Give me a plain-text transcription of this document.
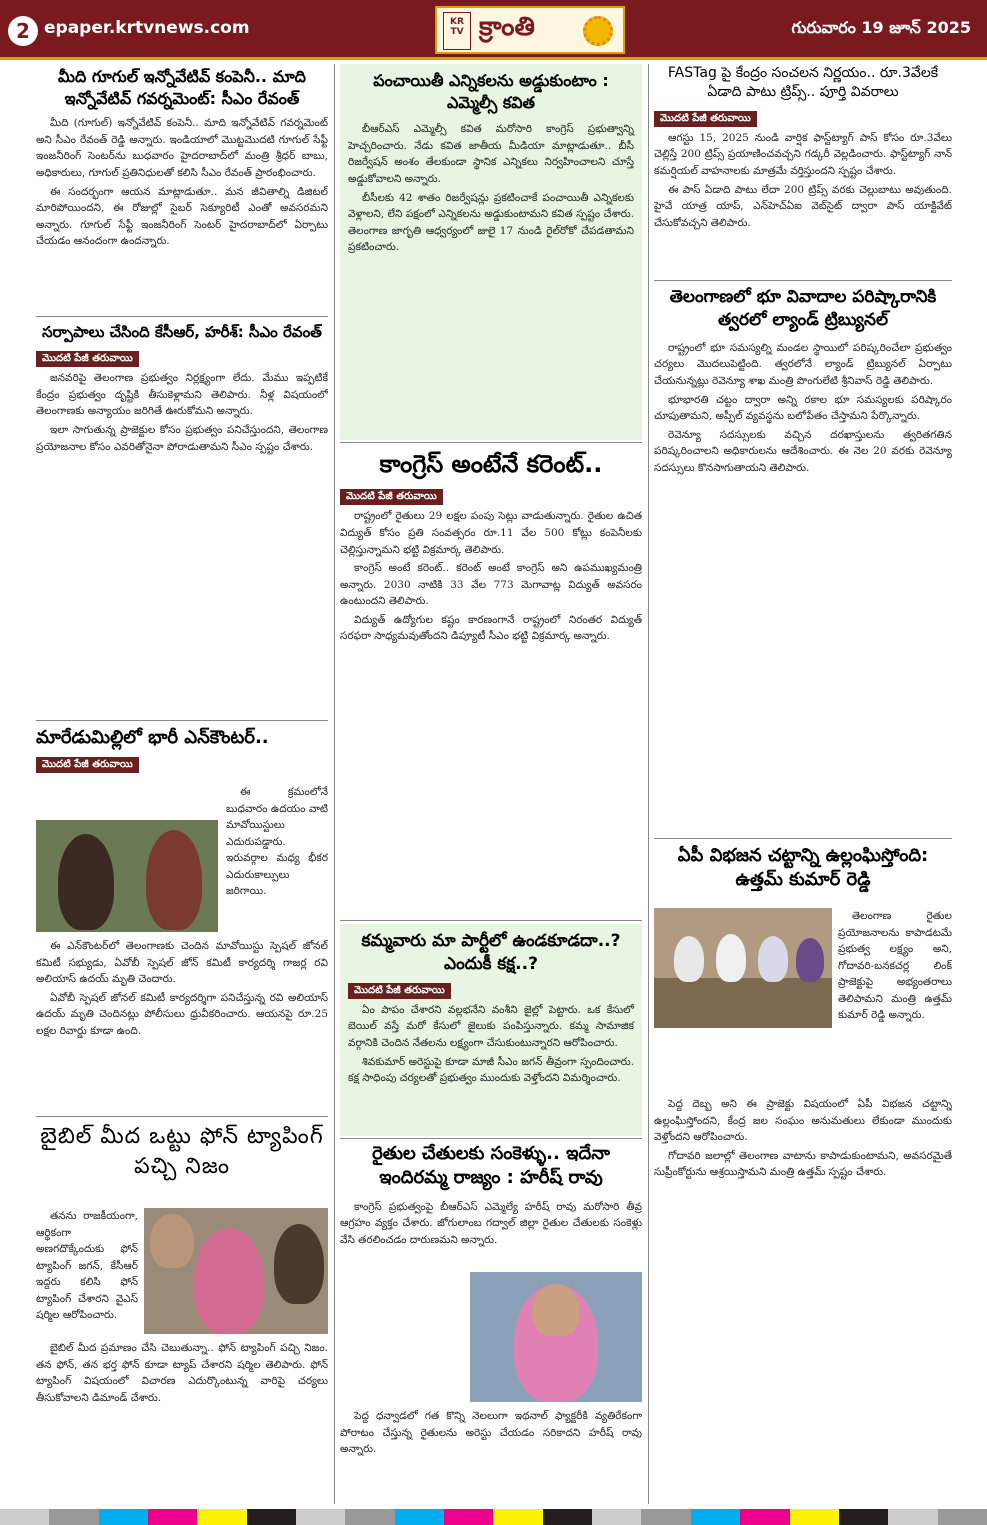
2 epaper.krtvnews.com	KR TV క్రాంతి	గురువారం 19 జూన్ 2025
మీది గూగుల్ ఇన్నోవేటివ్ కంపెనీ.. మాది ఇన్నోవేటివ్ గవర్నమెంట్: సీఎం రేవంత్

మీది (గూగుల్) ఇన్నోవేటివ్ కంపెనీ.. మాది ఇన్నోవేటివ్ గవర్నమెంట్ అని సీఎం రేవంత్ రెడ్డి అన్నారు. ఇండియాలో మొట్టమొదటి గూగుల్ సేఫ్టీ ఇంజనీరింగ్ సెంటర్‌ను బుధవారం హైదరాబాద్‌లో మంత్రి శ్రీధర్ బాబు, అధికారులు, గూగుల్ ప్రతినిధులతో కలిసి సీఎం రేవంత్ ప్రారంభించారు.

ఈ సందర్భంగా ఆయన మాట్లాడుతూ.. మన జీవితాల్ని డిజిటల్ మారిపోయిందని, ఈ రోజుల్లో సైబర్ సెక్యూరిటీ ఎంతో అవసరమని అన్నారు. గూగుల్ సేఫ్టీ ఇంజనీరింగ్ సెంటర్ హైదరాబాద్‌లో ఏర్పాటు చేయడం ఆనందంగా ఉందన్నారు.

సర్పాపాలు చేసింది కేసీఆర్, హరీశ్: సీఎం రేవంత్
మొదటి పేజీ తరువాయి

జనవరిపై తెలంగాణ ప్రభుత్వం నిర్లక్ష్యంగా లేదు. మేము ఇప్పటికే కేంద్రం ప్రభుత్వం దృష్టికి తీసుకెళ్లామని తెలిపారు. నీళ్ల విషయంలో తెలంగాణకు అన్యాయం జరిగితే ఊరుకోమని అన్నారు.

ఇలా సాగుతున్న ప్రాజెక్టుల కోసం ప్రభుత్వం పనిచేస్తుందని, తెలంగాణ ప్రయోజనాల కోసం ఎవరితోనైనా పోరాడుతామని సీఎం స్పష్టం చేశారు.

మారేడుమిల్లిలో భారీ ఎన్‌కౌంటర్..
మొదటి పేజీ తరువాయి

ఈ క్రమంలోనే బుధవారం ఉదయం వాటి మావోయిస్టులు ఎదురుపడ్డారు. ఇరువర్గాల మధ్య భీకర ఎదురుకాల్పులు జరిగాయి.

ఈ ఎన్‌కౌంటర్‌లో తెలంగాణకు చెందిన మావోయిస్టు స్పెషల్ జోనల్ కమిటీ సభ్యుడు, ఏవోబీ స్పెషల్ జోన్ కమిటీ కార్యదర్శి గాజర్ల రవి అలియాస్ ఉదయ్ మృతి చెందారు.

ఏవోబీ స్పెషల్ జోనల్ కమిటీ కార్యదర్శిగా పనిచేస్తున్న రవి అలియాస్ ఉదయ్ మృతి చెందినట్లు పోలీసులు ధ్రువీకరించారు. ఆయనపై రూ.25 లక్షల రివార్డు కూడా ఉంది.

బైబిల్ మీద ఒట్టు ఫోన్ ట్యాపింగ్ పచ్చి నిజం

తనను రాజకీయంగా, ఆర్థికంగా అణగదొక్కేందుకు ఫోన్ ట్యాపింగ్ జగన్, కేసీఆర్ ఇద్దరు కలిసి ఫోన్ ట్యాపింగ్ చేశారని వైఎస్ షర్మిల ఆరోపించారు.

బైబిల్ మీద ప్రమాణం చేసి చెబుతున్నా.. ఫోన్ ట్యాపింగ్ పచ్చి నిజం. తన ఫోన్, తన భర్త ఫోన్ కూడా ట్యాప్ చేశారని షర్మిల తెలిపారు. ఫోన్ ట్యాపింగ్ విషయంలో విచారణ ఎదుర్కొంటున్న వారిపై చర్యలు తీసుకోవాలని డిమాండ్ చేశారు.

పంచాయితీ ఎన్నికలను అడ్డుకుంటాం : ఎమ్మెల్సీ కవిత

బీఆర్ఎస్ ఎమ్మెల్సీ కవిత మరోసారి కాంగ్రెస్ ప్రభుత్వాన్ని హెచ్చరించారు. నేడు కవిత జాతీయ మీడియా మాట్లాడుతూ.. బీసీ రిజర్వేషన్ అంశం తేలకుండా స్థానిక ఎన్నికలు నిర్వహించాలని చూస్తే అడ్డుకోవాలని అన్నారు.

బీసీలకు 42 శాతం రిజర్వేషన్లు ప్రకటించాకే పంచాయితీ ఎన్నికలకు వెళ్లాలని, లేని పక్షంలో ఎన్నికలను అడ్డుకుంటామని కవిత స్పష్టం చేశారు. తెలంగాణ జాగృతి ఆధ్వర్యంలో జులై 17 నుండి రైల్‌రోకో చేపడతామని ప్రకటించారు.

కాంగ్రెస్ అంటేనే కరెంట్..
మొదటి పేజీ తరువాయి

రాష్ట్రంలో రైతులు 29 లక్షల పంపు సెట్లు వాడుతున్నారు. రైతుల ఉచిత విద్యుత్ కోసం ప్రతి సంవత్సరం రూ.11 వేల 500 కోట్లు కంపెనీలకు చెల్లిస్తున్నామని భట్టి విక్రమార్క తెలిపారు.

కాంగ్రెస్ అంటే కరెంట్.. కరెంట్ అంటే కాంగ్రెస్ అని ఉపముఖ్యమంత్రి అన్నారు. 2030 నాటికి 33 వేల 773 మెగావాట్ల విద్యుత్ అవసరం ఉంటుందని తెలిపారు.

విద్యుత్ ఉద్యోగుల కష్టం కారణంగానే రాష్ట్రంలో నిరంతర విద్యుత్ సరఫరా సాధ్యమవుతోందని డిప్యూటీ సీఎం భట్టి విక్రమార్క అన్నారు.

కమ్మవారు మా పార్టీలో ఉండకూడదా..? ఎందుకీ కక్ష..?
మొదటి పేజీ తరువాయి

ఏం పాపం చేశారని వల్లభనేని వంశీని జైల్లో పెట్టారు. ఒక కేసులో బెయిల్ వస్తే మరో కేసులో జైలుకు పంపిస్తున్నారు. కమ్మ సామాజిక వర్గానికి చెందిన నేతలను లక్ష్యంగా చేసుకుంటున్నారని ఆరోపించారు.

శివకుమార్ అరెస్టుపై కూడా మాజీ సీఎం జగన్ తీవ్రంగా స్పందించారు. కక్ష సాధింపు చర్యలతో ప్రభుత్వం ముందుకు వెళ్తోందని విమర్శించారు.

రైతుల చేతులకు సంకెళ్ళు.. ఇదేనా ఇందిరమ్మ రాజ్యం : హరీష్ రావు

కాంగ్రెస్ ప్రభుత్వంపై బీఆర్ఎస్ ఎమ్మెల్యే హరీష్ రావు మరోసారి తీవ్ర ఆగ్రహం వ్యక్తం చేశారు. జోగులాంబ గద్వాల్ జిల్లా రైతుల చేతులకు సంకెళ్లు వేసి తరలించడం దారుణమని అన్నారు.

పెద్ద ధన్వాడలో గత కొన్ని నెలలుగా ఇథనాల్ ఫ్యాక్టరీకి వ్యతిరేకంగా పోరాటం చేస్తున్న రైతులను అరెస్టు చేయడం సరికాదని హరీష్ రావు అన్నారు.

FASTag పై కేంద్రం సంచలన నిర్ణయం.. రూ.3వేలకే ఏడాది పాటు ట్రిప్స్.. పూర్తి వివరాలు
మొదటి పేజీ తరువాయి

ఆగస్టు 15, 2025 నుండి వార్షిక ఫాస్ట్‌ట్యాగ్ పాస్ కోసం రూ.3వేలు చెల్లిస్తే 200 ట్రిప్స్ ప్రయాణించవచ్చని గడ్కరీ వెల్లడించారు. ఫాస్ట్‌ట్యాగ్ నాన్ కమర్షియల్ వాహనాలకు మాత్రమే వర్తిస్తుందని స్పష్టం చేశారు.

ఈ పాస్ ఏడాది పాటు లేదా 200 ట్రిప్స్ వరకు చెల్లుబాటు అవుతుంది. హైవే యాత్ర యాప్, ఎన్‌హెచ్ఏఐ వెబ్‌సైట్ ద్వారా పాస్ యాక్టివేట్ చేసుకోవచ్చని తెలిపారు.

తెలంగాణలో భూ వివాదాల పరిష్కారానికి త్వరలో ల్యాండ్ ట్రిబ్యునల్

రాష్ట్రంలో భూ సమస్యల్ని మండల స్థాయిలో పరిష్కరించేలా ప్రభుత్వం చర్యలు మొదలుపెట్టింది. త్వరలోనే ల్యాండ్ ట్రిబ్యునల్ ఏర్పాటు చేయనున్నట్లు రెవెన్యూ శాఖ మంత్రి పొంగులేటి శ్రీనివాస్ రెడ్డి తెలిపారు.

భూభారతి చట్టం ద్వారా అన్ని రకాల భూ సమస్యలకు పరిష్కారం చూపుతామని, అప్పీల్ వ్యవస్థను బలోపేతం చేస్తామని పేర్కొన్నారు.

రెవెన్యూ సదస్సులకు వచ్చిన దరఖాస్తులను త్వరితగతిన పరిష్కరించాలని అధికారులను ఆదేశించారు. ఈ నెల 20 వరకు రెవెన్యూ సదస్సులు కొనసాగుతాయని తెలిపారు.

ఏపీ విభజన చట్టాన్ని ఉల్లంఘిస్తోంది: ఉత్తమ్ కుమార్ రెడ్డి

తెలంగాణ రైతుల ప్రయోజనాలను కాపాడటమే ప్రభుత్వ లక్ష్యం అని, గోదావరి-బనకచర్ల లింక్ ప్రాజెక్టుపై అభ్యంతరాలు తెలిపామని మంత్రి ఉత్తమ్ కుమార్ రెడ్డి అన్నారు.

పెద్ద దెబ్బ అని ఈ ప్రాజెక్టు విషయంలో ఏపీ విభజన చట్టాన్ని ఉల్లంఘిస్తోందని, కేంద్ర జల సంఘం అనుమతులు లేకుండా ముందుకు వెళ్తోందని ఆరోపించారు.

గోదావరి జలాల్లో తెలంగాణ వాటాను కాపాడుకుంటామని, అవసరమైతే సుప్రీంకోర్టును ఆశ్రయిస్తామని మంత్రి ఉత్తమ్ స్పష్టం చేశారు.
